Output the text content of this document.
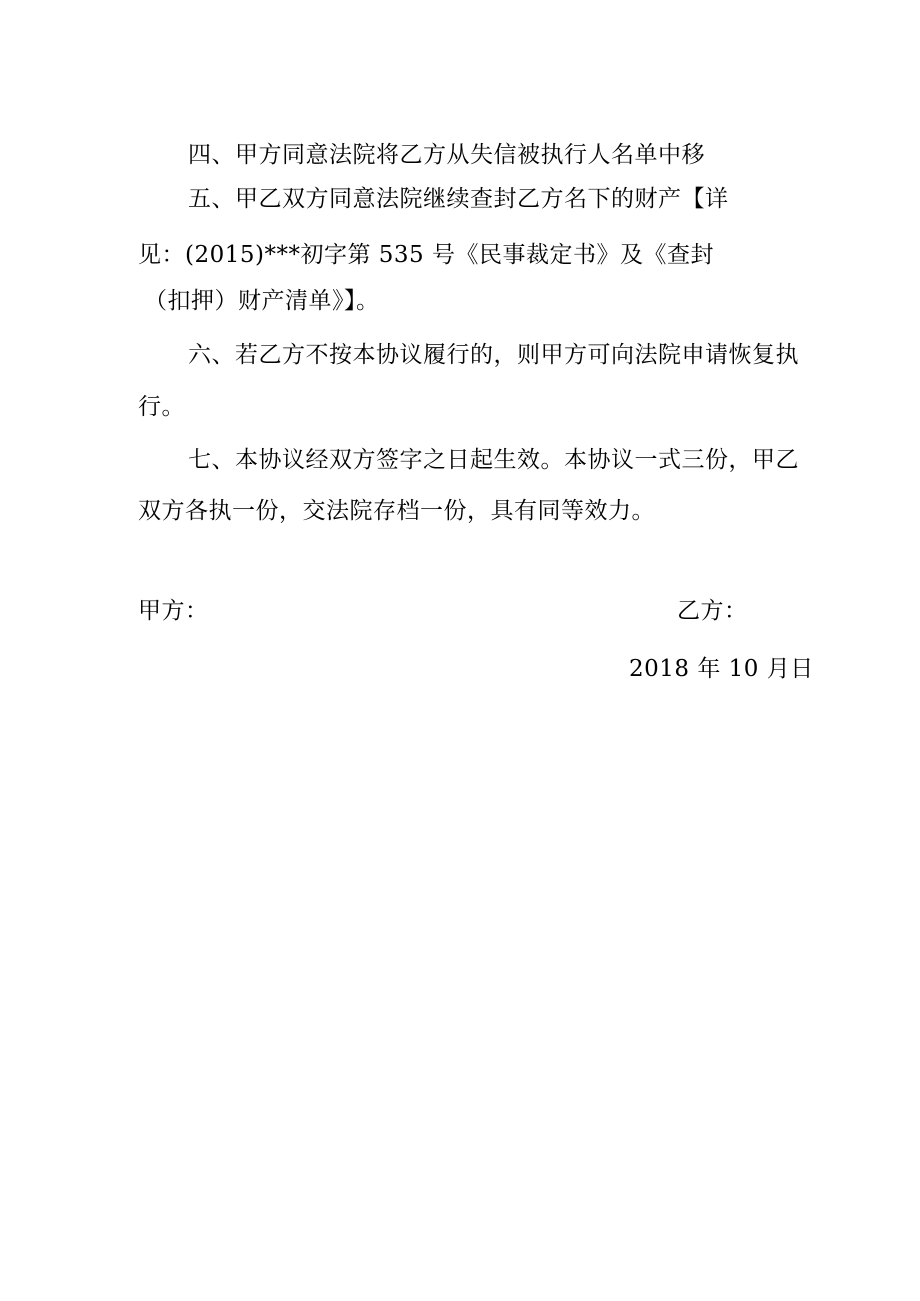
四、甲方同意法院将乙方从失信被执行人名单中移
五、甲乙双方同意法院继续查封乙方名下的财产【详
见：(2015)***初字第 535 号《民事裁定书》及《查封
（扣押）财产清单》】。
六、若乙方不按本协议履行的，则甲方可向法院申请恢复执
行。
七、本协议经双方签字之日起生效。本协议一式三份，甲乙
双方各执一份，交法院存档一份，具有同等效力。
甲方：	乙方：
2018 年 10 月日
